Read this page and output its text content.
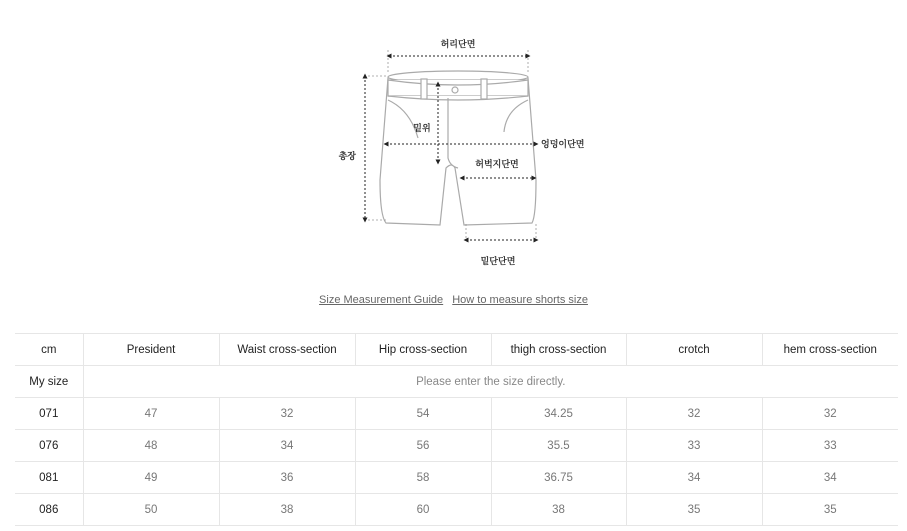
허리단면
총장
밑위
엉덩이단면
허벅지단면
밑단단면
Size Measurement Guide How to measure shorts size
cm	President	Waist cross-section	Hip cross-section	thigh cross-section	crotch	hem cross-section
My size	Please enter the size directly.					
071	47	32	54	34.25	32	32
076	48	34	56	35.5	33	33
081	49	36	58	36.75	34	34
086	50	38	60	38	35	35
